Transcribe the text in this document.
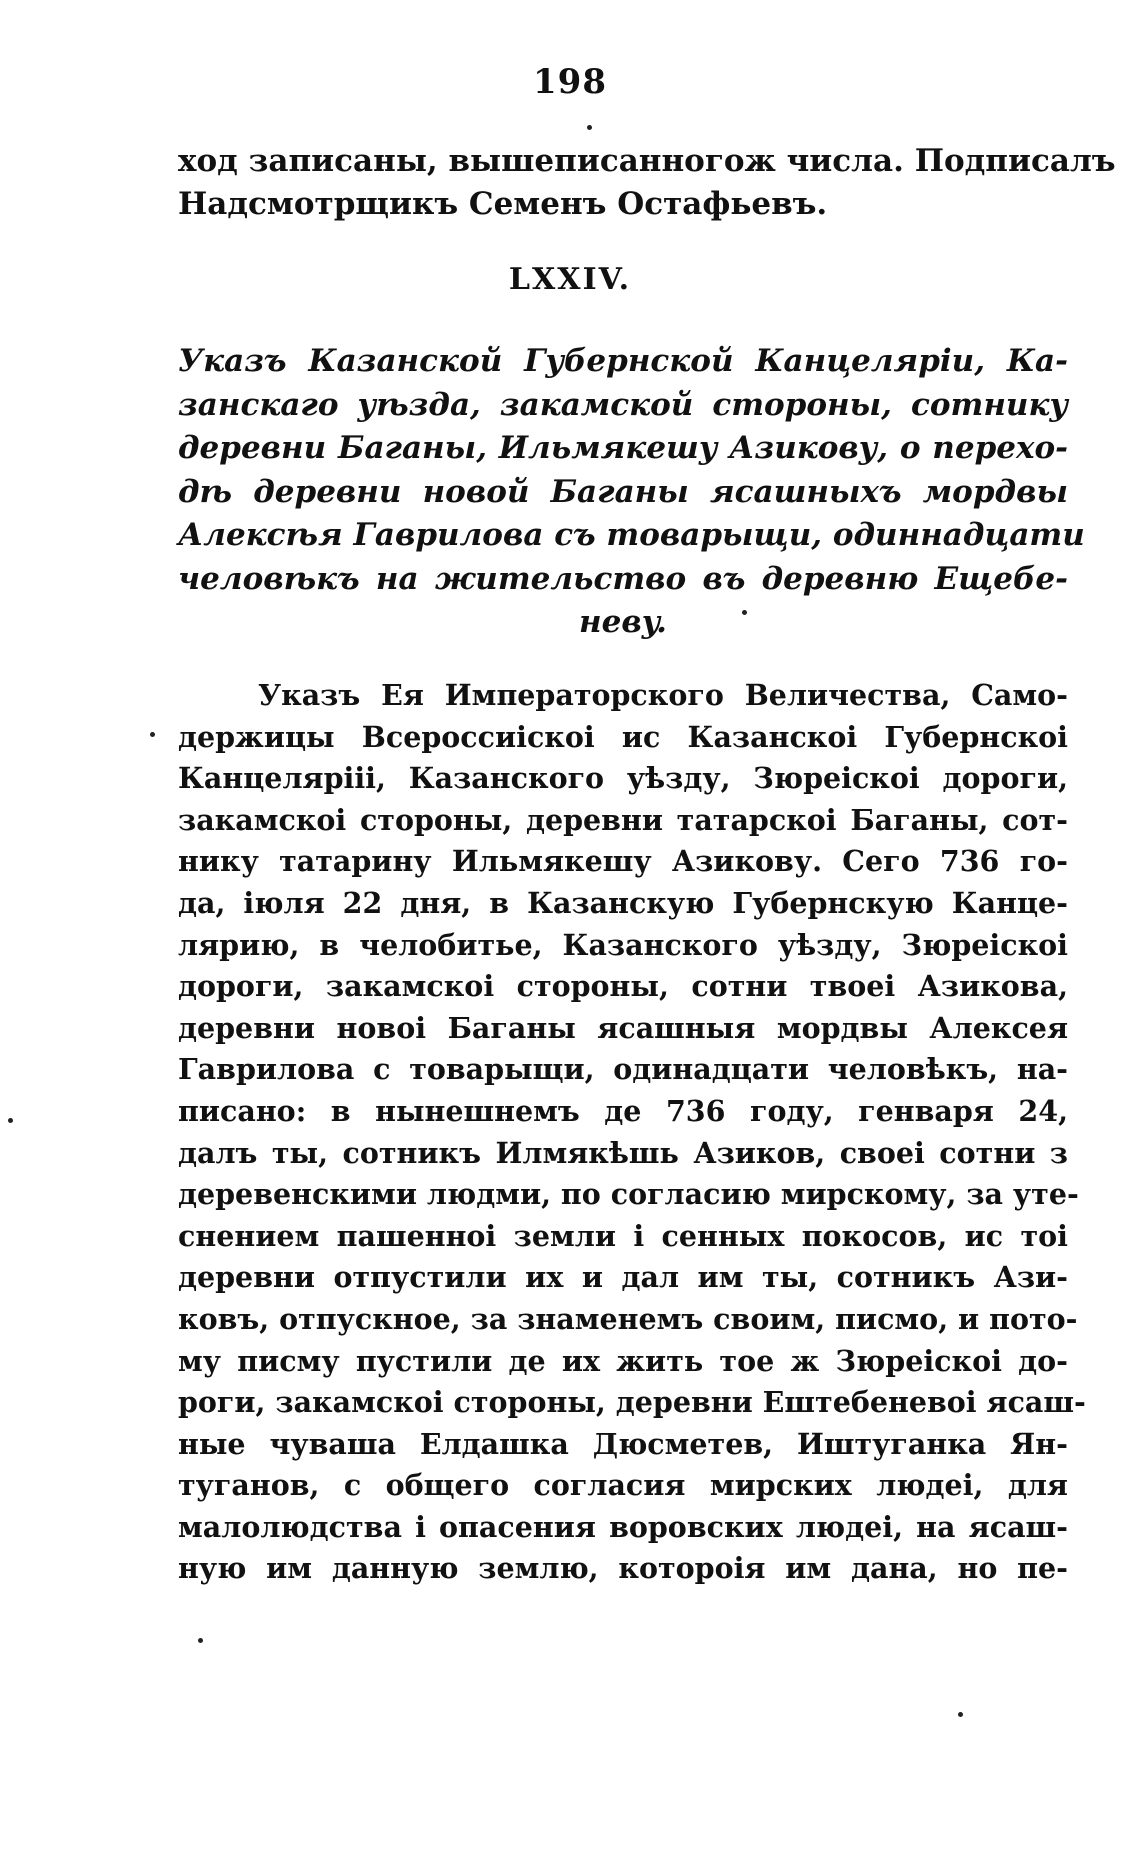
198
ход записаны, вышеписанногож числа. Подписалъ
Надсмотрщикъ Семенъ Остафьевъ.
LXXIV.
Указъ Казанской Губернской Канцеляріи, Ка-
занскаго уѣзда, закамской стороны, сотнику
деревни Баганы, Ильмякешу Азикову, о перехо-
дѣ деревни новой Баганы ясашныхъ мордвы
Алексѣя Гаврилова съ товарыщи, одиннадцати
человѣкъ на жительство въ деревню Ещебе-
невy.
Указъ Ея Императорского Величества, Само-
держицы Всероссиіскоі ис Казанскоі Губернскоі
Канцелярііі, Казанского уѣзду, Зюреіскоі дороги,
закамскоі стороны, деревни татарскоі Баганы, сот-
нику татарину Ильмякешу Азикову. Сего 736 го-
да, іюля 22 дня, в Казанскую Губернскую Канце-
лярию, в челобитье, Казанского уѣзду, Зюреіскоі
дороги, закамскоі стороны, сотни твоеі Азикова,
деревни новоі Баганы ясашныя мордвы Алексея
Гаврилова с товарыщи, одинадцати человѣкъ, на-
писано: в нынешнемъ де 736 году, генваря 24,
далъ ты, сотникъ Илмякѣшь Азиков, своеі сотни з
деревенскими людми, по согласию мирскому, за утe-
снением пашенноі земли і сенных покосов, ис тоі
деревни отпустили их и дал им ты, сотникъ Ази-
ковъ, отпускное, за знаменемъ своим, писмо, и пото-
му писму пустили де их жить тое ж Зюреіскоі до-
роги, закамскоі стороны, деревни Ештебеневоі ясаш-
ные чуваша Елдашка Дюсметев, Иштуганка Ян-
туганов, с общего согласия мирских людеі, для
малолюдства і опасения воровских людеі, на ясаш-
ную им данную землю, котороія им дана, но пе-
